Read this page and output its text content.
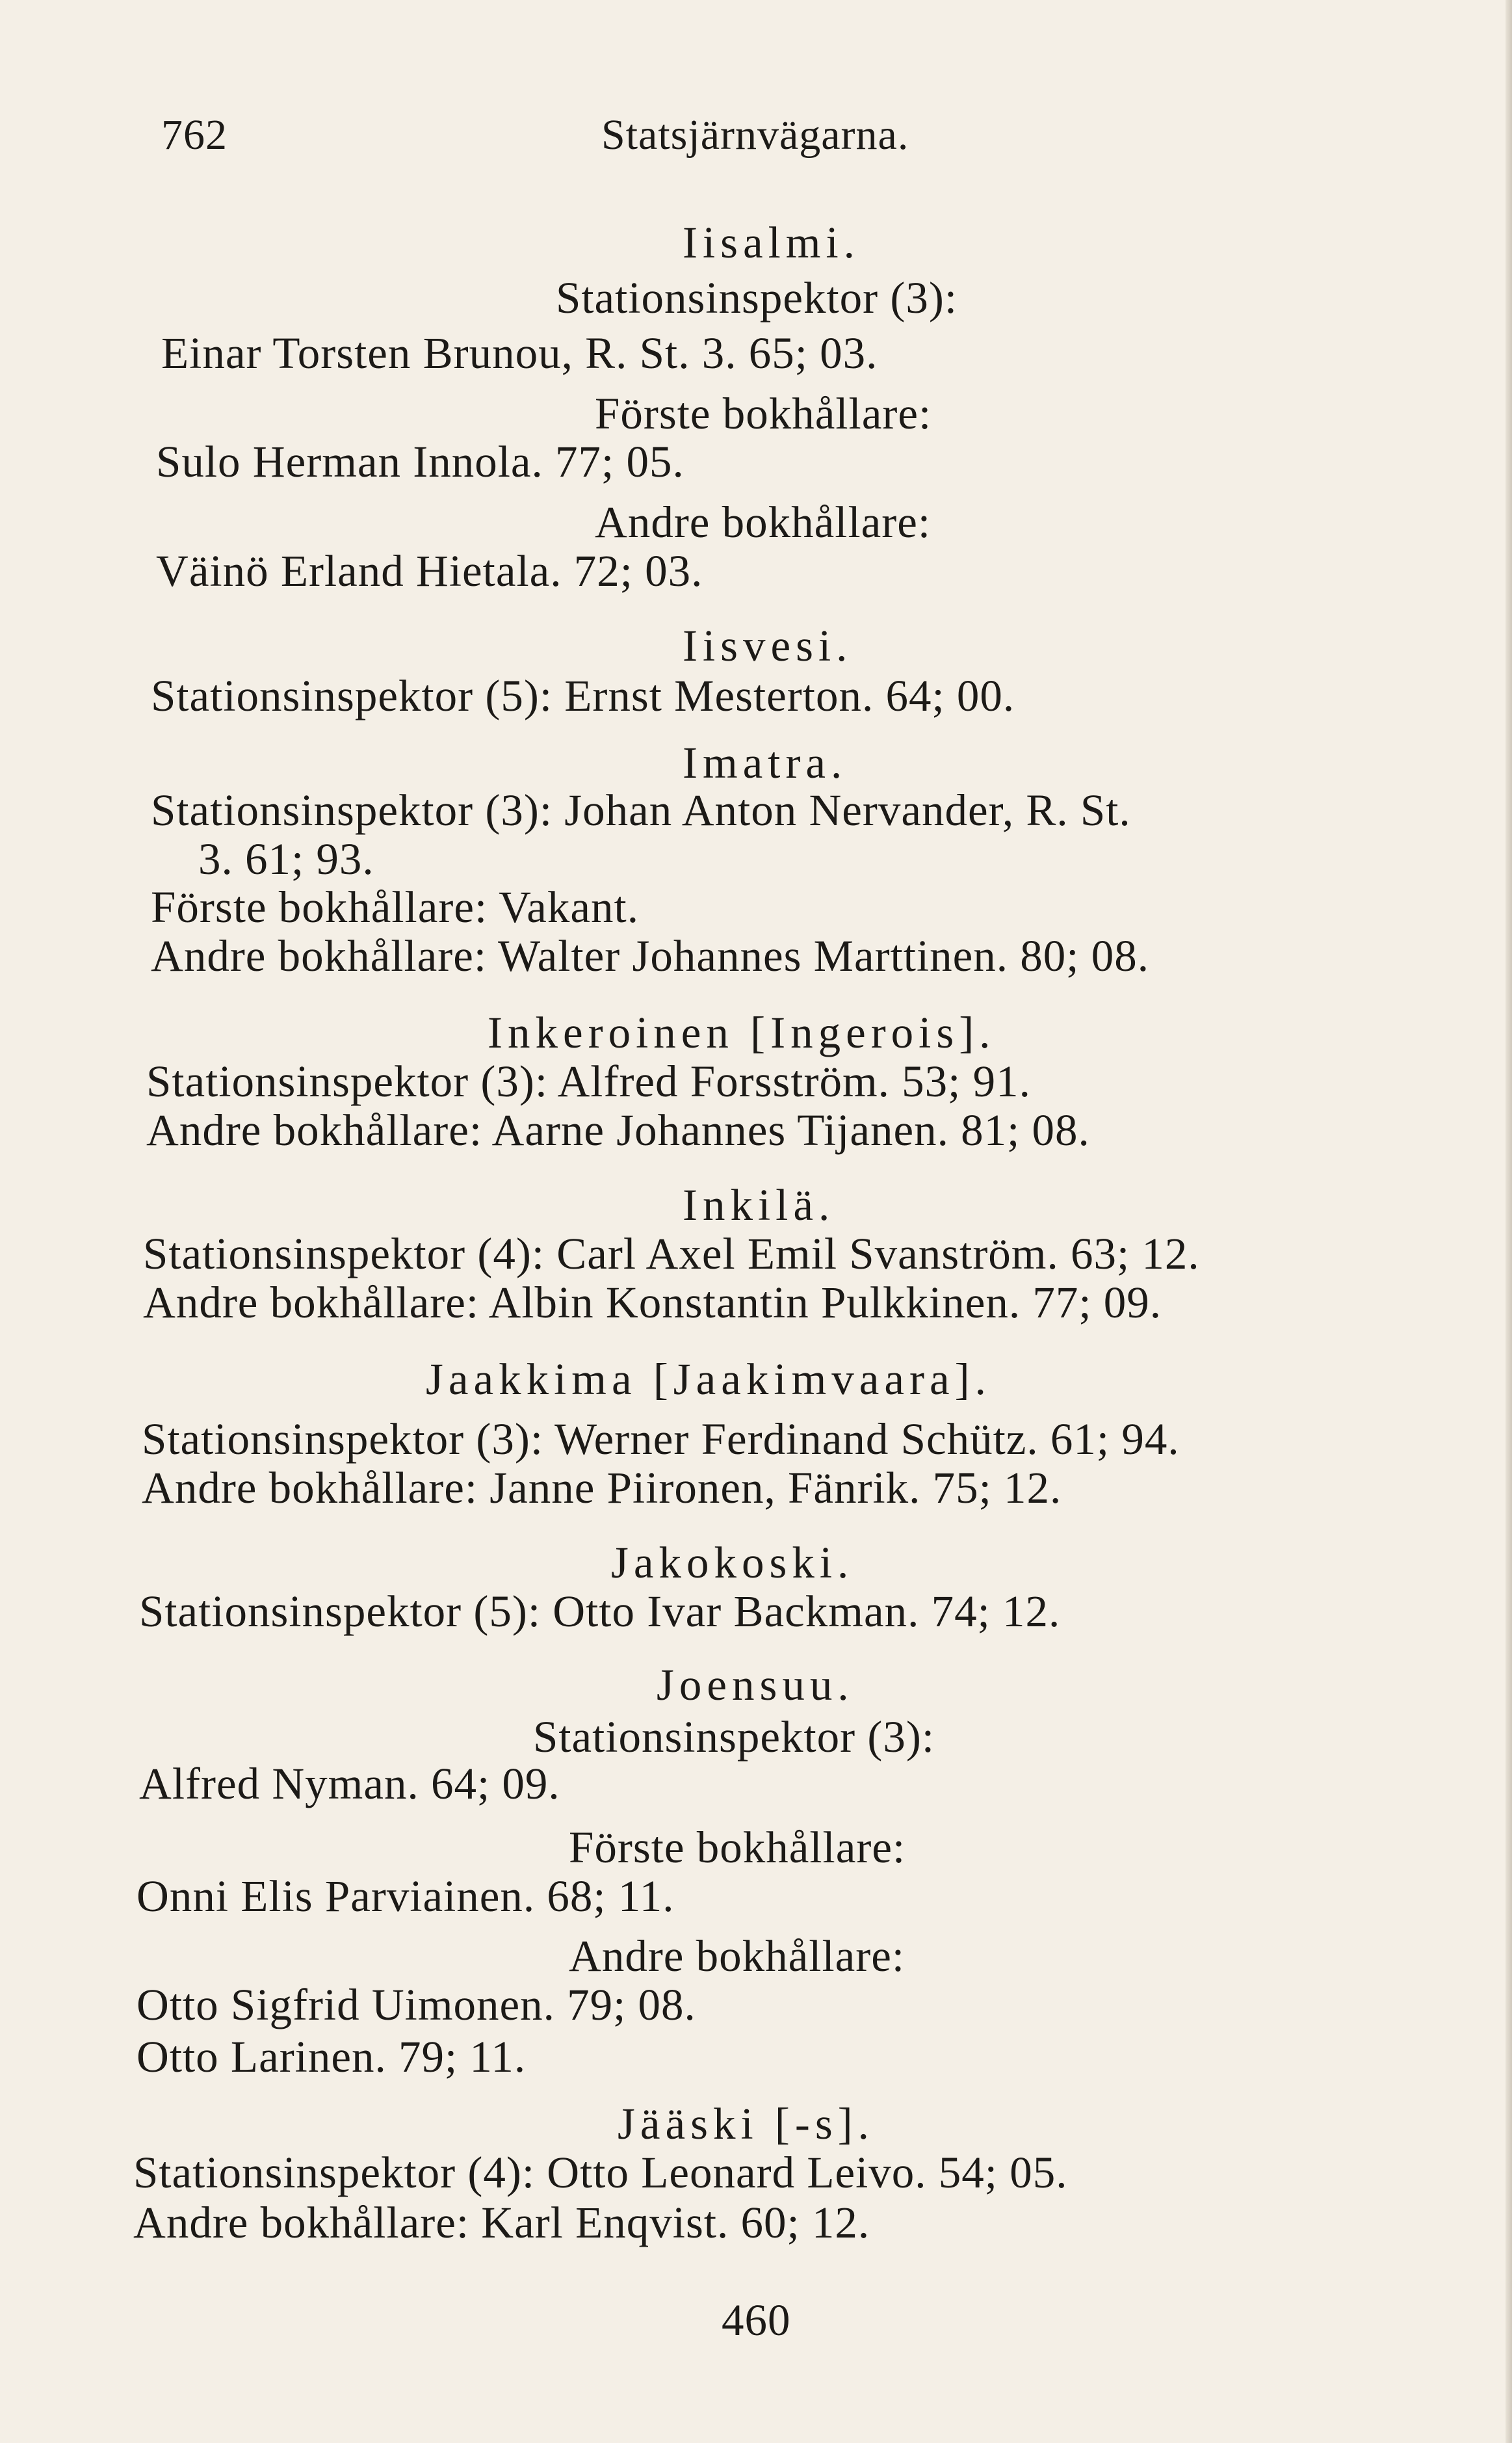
762	Statsjärnvägarna.
Iisalmi.
Stationsinspektor (3):
Einar Torsten Brunou, R. St. 3. 65; 03.
Förste bokhållare:
Sulo Herman Innola. 77; 05.
Andre bokhållare:
Väinö Erland Hietala. 72; 03.
Iisvesi.
Stationsinspektor (5): Ernst Mesterton. 64; 00.
Imatra.
Stationsinspektor (3): Johan Anton Nervander, R. St.
3. 61; 93.
Förste bokhållare: Vakant.
Andre bokhållare: Walter Johannes Marttinen. 80; 08.
Inkeroinen [Ingerois].
Stationsinspektor (3): Alfred Forsström. 53; 91.
Andre bokhållare: Aarne Johannes Tijanen. 81; 08.
Inkilä.
Stationsinspektor (4): Carl Axel Emil Svanström. 63; 12.
Andre bokhållare: Albin Konstantin Pulkkinen. 77; 09.
Jaakkima [Jaakimvaara].
Stationsinspektor (3): Werner Ferdinand Schütz. 61; 94.
Andre bokhållare: Janne Piironen, Fänrik. 75; 12.
Jakokoski.
Stationsinspektor (5): Otto Ivar Backman. 74; 12.
Joensuu.
Stationsinspektor (3):
Alfred Nyman. 64; 09.
Förste bokhållare:
Onni Elis Parviainen. 68; 11.
Andre bokhållare:
Otto Sigfrid Uimonen. 79; 08.
Otto Larinen. 79; 11.
Jääski [-s].
Stationsinspektor (4): Otto Leonard Leivo. 54; 05.
Andre bokhållare: Karl Enqvist. 60; 12.
460
